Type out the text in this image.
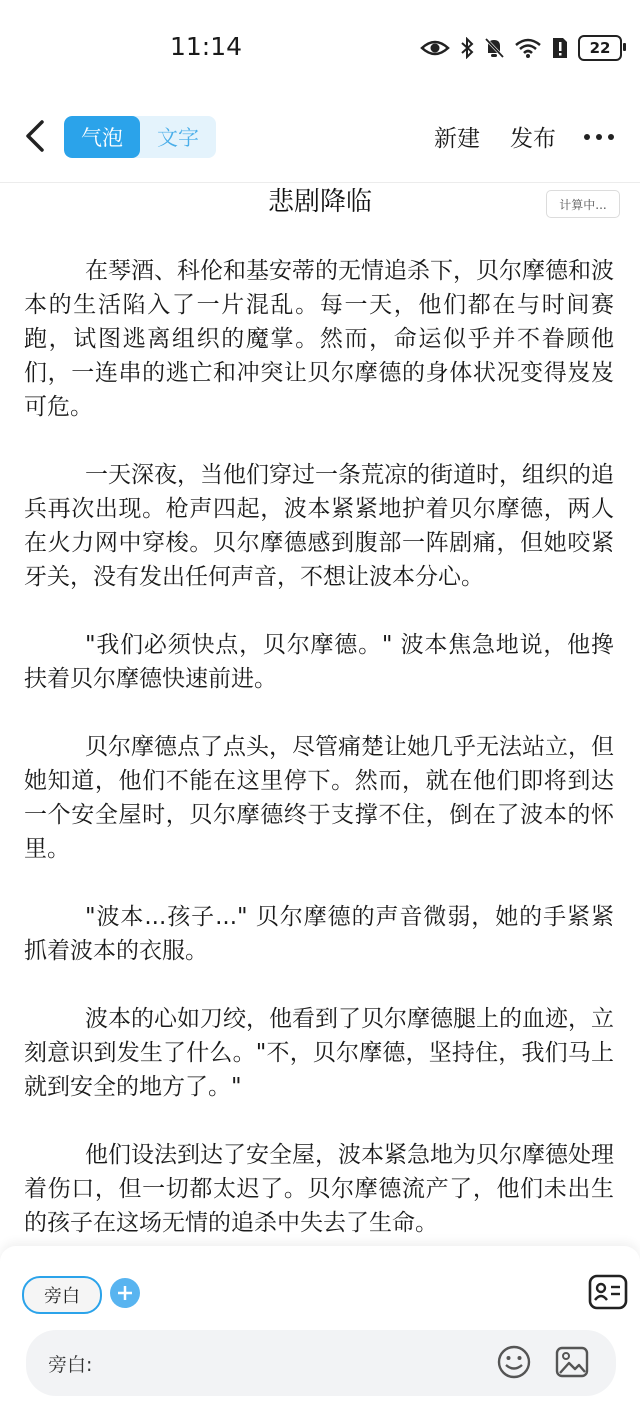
11:14	22
气泡	文字	新建 发布
悲剧降临	计算中...

在琴酒、科伦和基安蒂的无情追杀下，贝尔摩德和波本的生活陷入了一片混乱。每一天，他们都在与时间赛跑，试图逃离组织的魔掌。然而，命运似乎并不眷顾他们，一连串的逃亡和冲突让贝尔摩德的身体状况变得岌岌可危。

一天深夜，当他们穿过一条荒凉的街道时，组织的追兵再次出现。枪声四起，波本紧紧地护着贝尔摩德，两人在火力网中穿梭。贝尔摩德感到腹部一阵剧痛，但她咬紧牙关，没有发出任何声音，不想让波本分心。

"我们必须快点，贝尔摩德。" 波本焦急地说，他搀扶着贝尔摩德快速前进。

贝尔摩德点了点头，尽管痛楚让她几乎无法站立，但她知道，他们不能在这里停下。然而，就在他们即将到达一个安全屋时，贝尔摩德终于支撑不住，倒在了波本的怀里。

"波本...孩子..." 贝尔摩德的声音微弱，她的手紧紧抓着波本的衣服。

波本的心如刀绞，他看到了贝尔摩德腿上的血迹，立刻意识到发生了什么。"不，贝尔摩德，坚持住，我们马上就到安全的地方了。"

他们设法到达了安全屋，波本紧急地为贝尔摩德处理着伤口，但一切都太迟了。贝尔摩德流产了，他们未出生的孩子在这场无情的追杀中失去了生命。

旁白
旁白:
